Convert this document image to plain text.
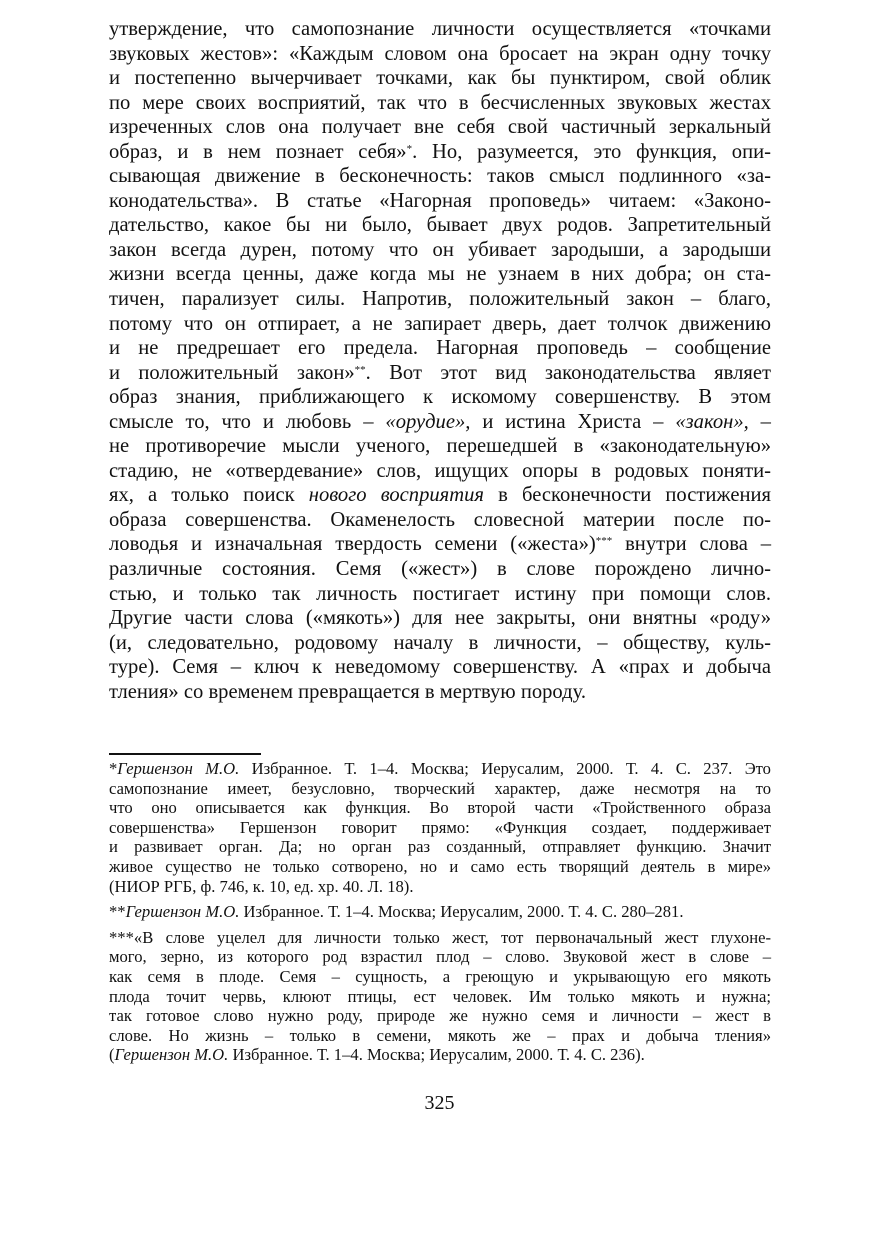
утверждение, что самопознание личности осуществляется «точками
звуковых жестов»: «Каждым словом она бросает на экран одну точку
и постепенно вычерчивает точками, как бы пунктиром, свой облик
по мере своих восприятий, так что в бесчисленных звуковых жестах
изреченных слов она получает вне себя свой частичный зеркальный
образ, и в нем познает себя»*. Но, разумеется, это функция, опи-
сывающая движение в бесконечность: таков смысл подлинного «за-
конодательства». В статье «Нагорная проповедь» читаем: «Законо-
дательство, какое бы ни было, бывает двух родов. Запретительный
закон всегда дурен, потому что он убивает зародыши, а зародыши
жизни всегда ценны, даже когда мы не узнаем в них добра; он ста-
тичен, парализует силы. Напротив, положительный закон – благо,
потому что он отпирает, а не запирает дверь, дает толчок движению
и не предрешает его предела. Нагорная проповедь – сообщение
и положительный закон»**. Вот этот вид законодательства являет
образ знания, приближающего к искомому совершенству. В этом
смысле то, что и любовь – «орудие», и истина Христа – «закон», –
не противоречие мысли ученого, перешедшей в «законодательную»
стадию, не «отвердевание» слов, ищущих опоры в родовых поняти-
ях, а только поиск нового восприятия в бесконечности постижения
образа совершенства. Окаменелость словесной материи после по-
ловодья и изначальная твердость семени («жеста»)*** внутри слова –
различные состояния. Семя («жест») в слове порождено лично-
стью, и только так личность постигает истину при помощи слов.
Другие части слова («мякоть») для нее закрыты, они внятны «роду»
(и, следовательно, родовому началу в личности, – обществу, куль-
туре). Семя – ключ к неведомому совершенству. А «прах и добыча
тления» со временем превращается в мертвую породу.

*Гершензон М.О. Избранное. Т. 1–4. Москва; Иерусалим, 2000. Т. 4. С. 237. Это
самопознание имеет, безусловно, творческий характер, даже несмотря на то
что оно описывается как функция. Во второй части «Тройственного образа
совершенства» Гершензон говорит прямо: «Функция создает, поддерживает
и развивает орган. Да; но орган раз созданный, отправляет функцию. Значит
живое существо не только сотворено, но и само есть творящий деятель в мире»
(НИОР РГБ, ф. 746, к. 10, ед. хр. 40. Л. 18).
**Гершензон М.О. Избранное. Т. 1–4. Москва; Иерусалим, 2000. Т. 4. С. 280–281.
***«В слове уцелел для личности только жест, тот первоначальный жест глухоне-
мого, зерно, из которого род взрастил плод – слово. Звуковой жест в слове –
как семя в плоде. Семя – сущность, а греющую и укрывающую его мякоть
плода точит червь, клюют птицы, ест человек. Им только мякоть и нужна;
так готовое слово нужно роду, природе же нужно семя и личности – жест в
слове. Но жизнь – только в семени, мякоть же – прах и добыча тления»
(Гершензон М.О. Избранное. Т. 1–4. Москва; Иерусалим, 2000. Т. 4. С. 236).
325
